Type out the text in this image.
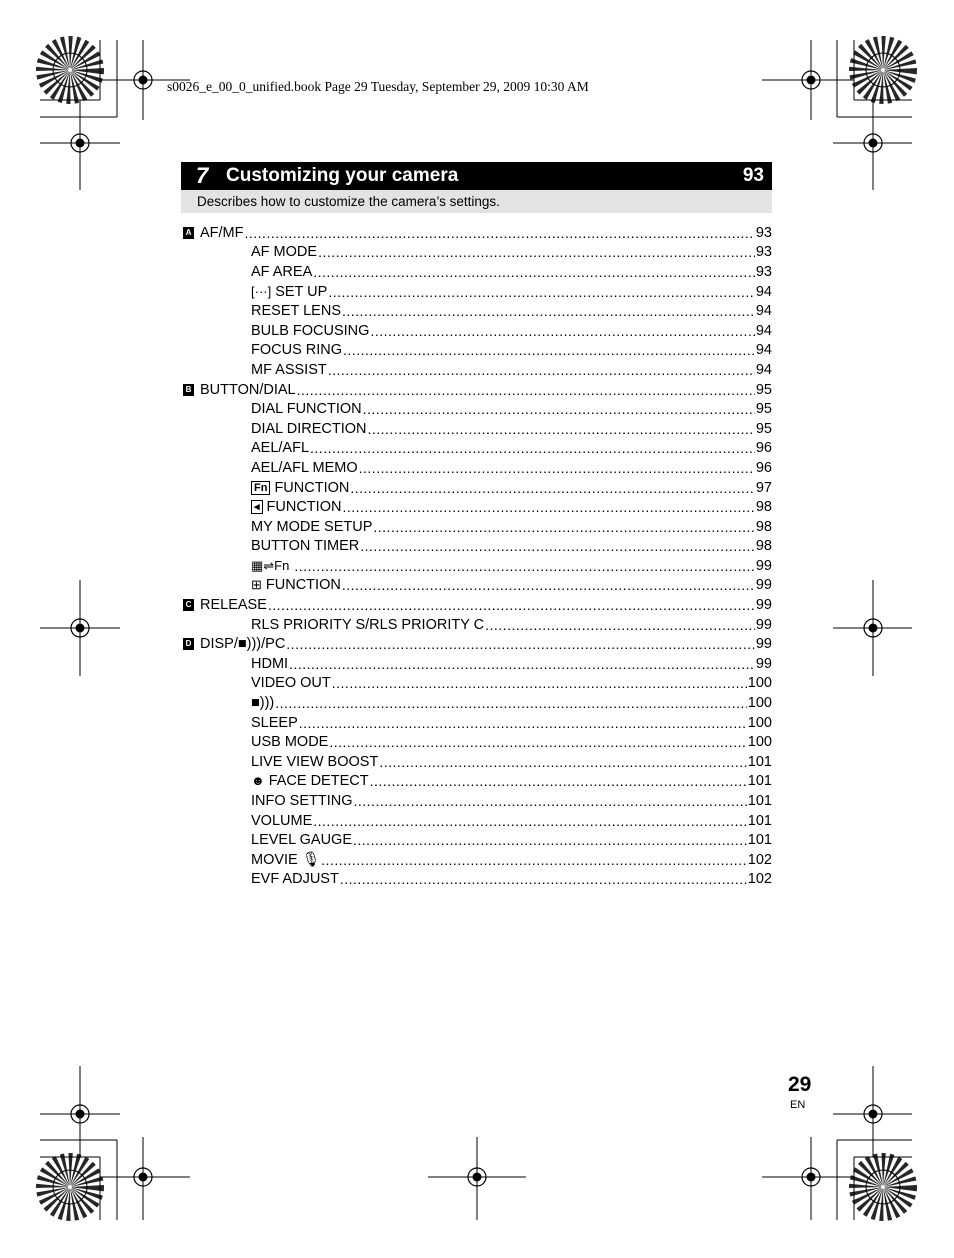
s0026_e_00_0_unified.book Page 29 Tuesday, September 29, 2009 10:30 AM
7 Customizing your camera	93
Describes how to customize the camera’s settings.
A AF/MF .....	93
AF MODE .....	93
AF AREA .....	93
[···] SET UP .....	94
RESET LENS .....	94
BULB FOCUSING .....	94
FOCUS RING .....	94
MF ASSIST .....	94
B BUTTON/DIAL .....	95
DIAL FUNCTION .....	95
DIAL DIRECTION .....	95
AEL/AFL .....	96
AEL/AFL MEMO .....	96
Fn FUNCTION .....	97
◂ FUNCTION .....	98
MY MODE SETUP .....	98
BUTTON TIMER .....	98
▦⇌Fn .....	99
⊞ FUNCTION .....	99
C RELEASE .....	99
RLS PRIORITY S/RLS PRIORITY C .....	99
D DISP/■)))/PC .....	99
HDMI .....	99
VIDEO OUT .....	100
■))) .....	100
SLEEP .....	100
USB MODE .....	100
LIVE VIEW BOOST .....	101
☻ FACE DETECT .....	101
INFO SETTING .....	101
VOLUME .....	101
LEVEL GAUGE .....	101
MOVIE 🎙 .....	102
EVF ADJUST .....	102
29
EN
